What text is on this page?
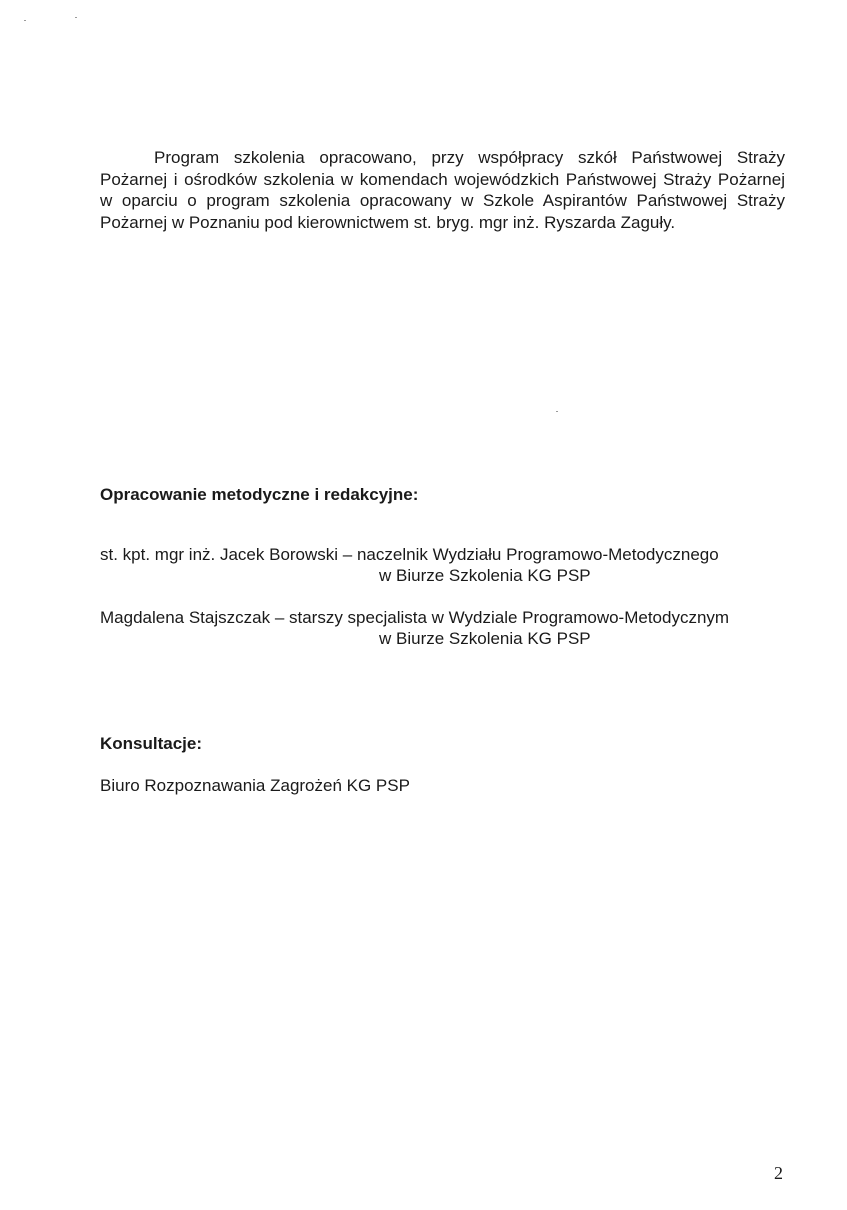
Program szkolenia opracowano, przy współpracy szkół Państwowej Straży Pożarnej i ośrodków szkolenia w komendach wojewódzkich Państwowej Straży Pożarnej w oparciu o program szkolenia opracowany w Szkole Aspirantów Państwowej Straży Pożarnej w Poznaniu pod kierownictwem st. bryg. mgr inż. Ryszarda Zaguły.

Opracowanie metodyczne i redakcyjne:

st. kpt. mgr inż. Jacek Borowski – naczelnik Wydziału Programowo-Metodycznego

w Biurze Szkolenia KG PSP

Magdalena Stajszczak – starszy specjalista w Wydziale Programowo-Metodycznym

w Biurze Szkolenia KG PSP

Konsultacje:

Biuro Rozpoznawania Zagrożeń KG PSP

2
